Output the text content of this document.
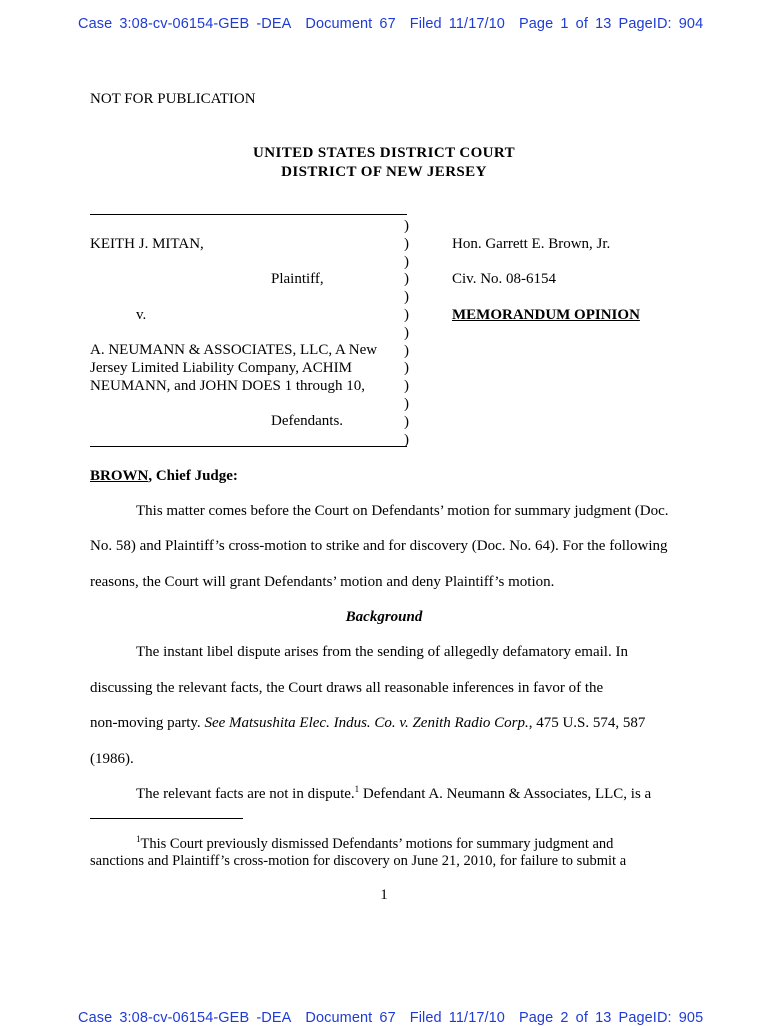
Case 3:08-cv-06154-GEB -DEA Document 67 Filed 11/17/10 Page 1 of 13 PageID: 904
NOT FOR PUBLICATION
UNITED STATES DISTRICT COURT
DISTRICT OF NEW JERSEY
)
)
)
)
)
)
)
)
)
)
)
)
)
KEITH J. MITAN,
Plaintiff,
v.
A. NEUMANN & ASSOCIATES, LLC, A New
Jersey Limited Liability Company, ACHIM
NEUMANN, and JOHN DOES 1 through 10,
Defendants.
Hon. Garrett E. Brown, Jr.
Civ. No. 08-6154
MEMORANDUM OPINION
BROWN, Chief Judge:
This matter comes before the Court on Defendants’ motion for summary judgment (Doc.
No. 58) and Plaintiff’s cross-motion to strike and for discovery (Doc. No. 64). For the following
reasons, the Court will grant Defendants’ motion and deny Plaintiff’s motion.
Background
The instant libel dispute arises from the sending of allegedly defamatory email. In
discussing the relevant facts, the Court draws all reasonable inferences in favor of the
non-moving party. See Matsushita Elec. Indus. Co. v. Zenith Radio Corp., 475 U.S. 574, 587
(1986).
The relevant facts are not in dispute.$^1$ Defendant A. Neumann & Associates, LLC, is a
$^1$This Court previously dismissed Defendants’ motions for summary judgment and
sanctions and Plaintiff’s cross-motion for discovery on June 21, 2010, for failure to submit a
1
Case 3:08-cv-06154-GEB -DEA Document 67 Filed 11/17/10 Page 2 of 13 PageID: 905
